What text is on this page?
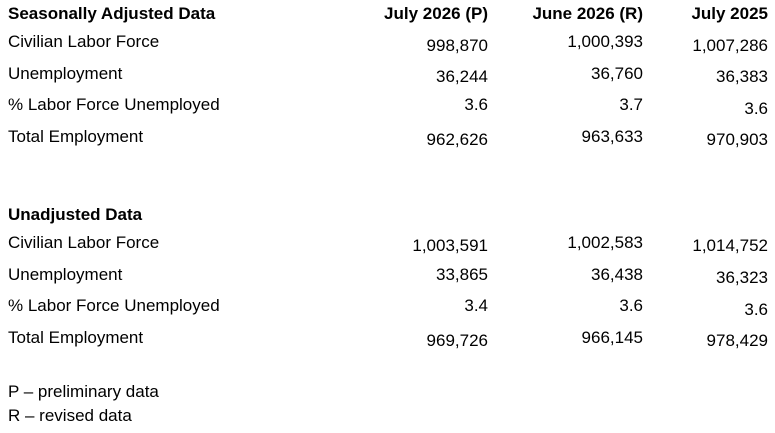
Seasonally Adjusted Data	July 2026 (P)	June 2026 (R)	July 2025
Civilian Labor Force	998,870	1,000,393	1,007,286
Unemployment	36,244	36,760	36,383
% Labor Force Unemployed	3.6	3.7	3.6
Total Employment	962,626	963,633	970,903
Unadjusted Data
Civilian Labor Force	1,003,591	1,002,583	1,014,752
Unemployment	33,865	36,438	36,323
% Labor Force Unemployed	3.4	3.6	3.6
Total Employment	969,726	966,145	978,429
P – preliminary data
R – revised data
